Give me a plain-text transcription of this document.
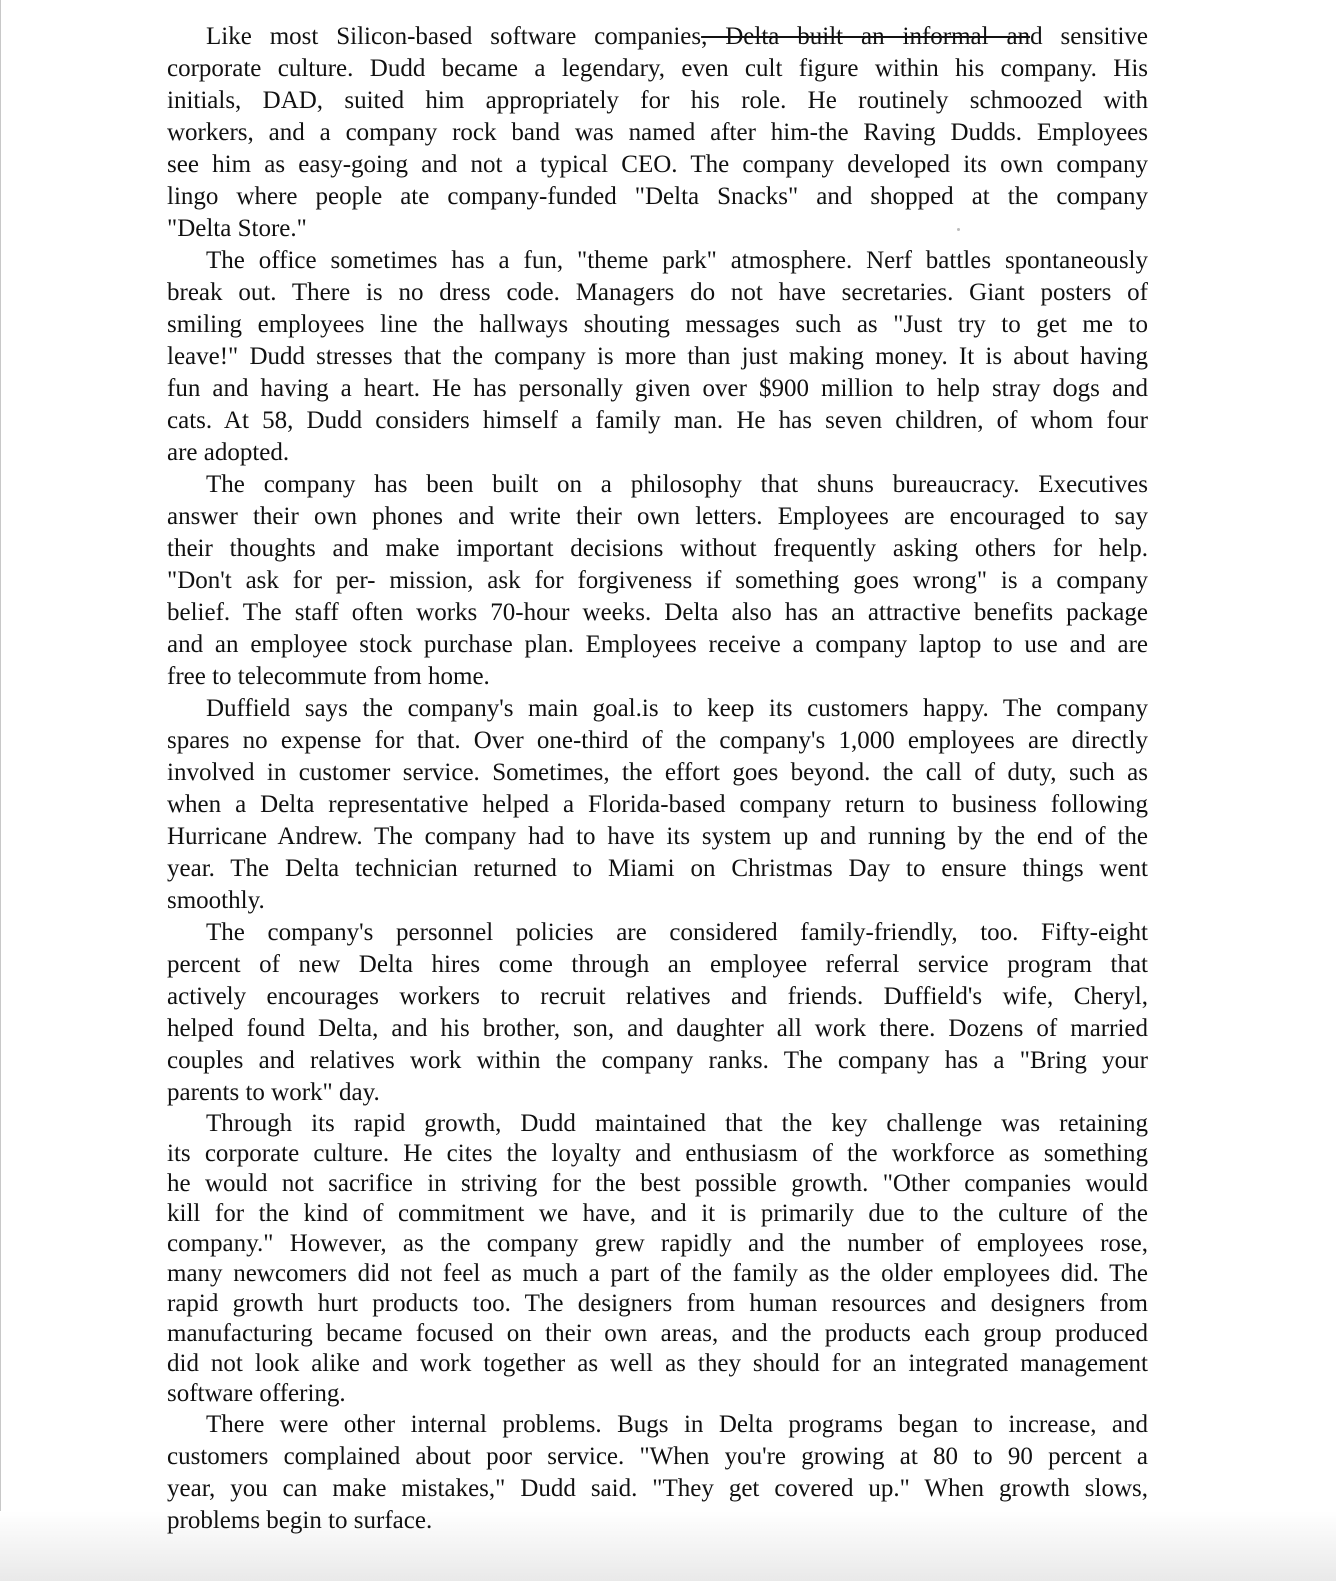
Like most Silicon-based software companies, Delta built an informal and sensitive
corporate culture. Dudd became a legendary, even cult figure within his company. His
initials, DAD, suited him appropriately for his role. He routinely schmoozed with
workers, and a company rock band was named after him-the Raving Dudds. Employees
see him as easy-going and not a typical CEO. The company developed its own company
lingo where people ate company-funded "Delta Snacks" and shopped at the company
"Delta Store."
The office sometimes has a fun, "theme park" atmosphere. Nerf battles spontaneously
break out. There is no dress code. Managers do not have secretaries. Giant posters of
smiling employees line the hallways shouting messages such as "Just try to get me to
leave!" Dudd stresses that the company is more than just making money. It is about having
fun and having a heart. He has personally given over $900 million to help stray dogs and
cats. At 58, Dudd considers himself a family man. He has seven children, of whom four
are adopted.
The company has been built on a philosophy that shuns bureaucracy. Executives
answer their own phones and write their own letters. Employees are encouraged to say
their thoughts and make important decisions without frequently asking others for help.
"Don't ask for per- mission, ask for forgiveness if something goes wrong" is a company
belief. The staff often works 70-hour weeks. Delta also has an attractive benefits package
and an employee stock purchase plan. Employees receive a company laptop to use and are
free to telecommute from home.
Duffield says the company's main goal.is to keep its customers happy. The company
spares no expense for that. Over one-third of the company's 1,000 employees are directly
involved in customer service. Sometimes, the effort goes beyond. the call of duty, such as
when a Delta representative helped a Florida-based company return to business following
Hurricane Andrew. The company had to have its system up and running by the end of the
year. The Delta technician returned to Miami on Christmas Day to ensure things went
smoothly.
The company's personnel policies are considered family-friendly, too. Fifty-eight
percent of new Delta hires come through an employee referral service program that
actively encourages workers to recruit relatives and friends. Duffield's wife, Cheryl,
helped found Delta, and his brother, son, and daughter all work there. Dozens of married
couples and relatives work within the company ranks. The company has a "Bring your
parents to work" day.
Through its rapid growth, Dudd maintained that the key challenge was retaining
its corporate culture. He cites the loyalty and enthusiasm of the workforce as something
he would not sacrifice in striving for the best possible growth. "Other companies would
kill for the kind of commitment we have, and it is primarily due to the culture of the
company." However, as the company grew rapidly and the number of employees rose,
many newcomers did not feel as much a part of the family as the older employees did. The
rapid growth hurt products too. The designers from human resources and designers from
manufacturing became focused on their own areas, and the products each group produced
did not look alike and work together as well as they should for an integrated management
software offering.
There were other internal problems. Bugs in Delta programs began to increase, and
customers complained about poor service. "When you're growing at 80 to 90 percent a
year, you can make mistakes," Dudd said. "They get covered up." When growth slows,
problems begin to surface.
